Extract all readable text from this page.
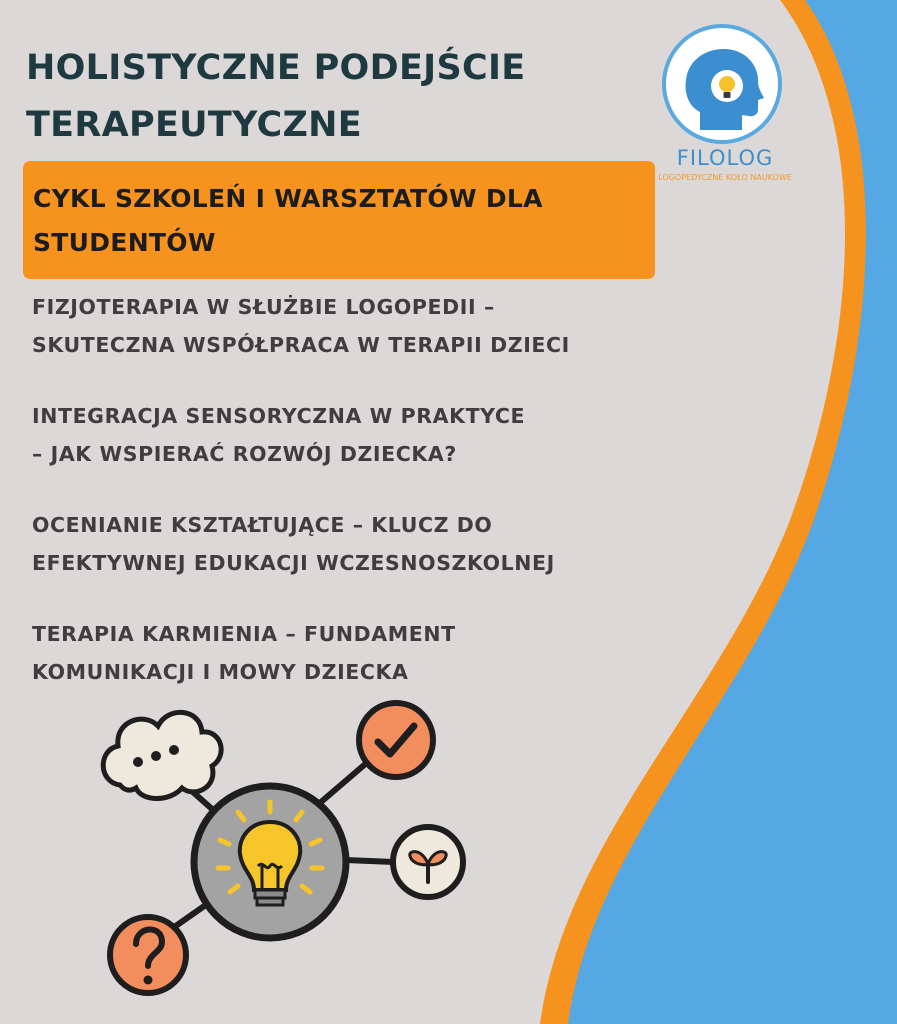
HOLISTYCZNE PODEJŚCIE
TERAPEUTYCZNE

FILOLOG

LOGOPEDYCZNE KOŁO NAUKOWE

CYKL SZKOLEŃ I WARSZTATÓW DLA
STUDENTÓW
FIZJOTERAPIA W SŁUŻBIE LOGOPEDII –
SKUTECZNA WSPÓŁPRACA W TERAPII DZIECI
INTEGRACJA SENSORYCZNA W PRAKTYCE
– JAK WSPIERAĆ ROZWÓJ DZIECKA?
OCENIANIE KSZTAŁTUJĄCE – KLUCZ DO
EFEKTYWNEJ EDUKACJI WCZESNOSZKOLNEJ
TERAPIA KARMIENIA – FUNDAMENT
KOMUNIKACJI I MOWY DZIECKA
